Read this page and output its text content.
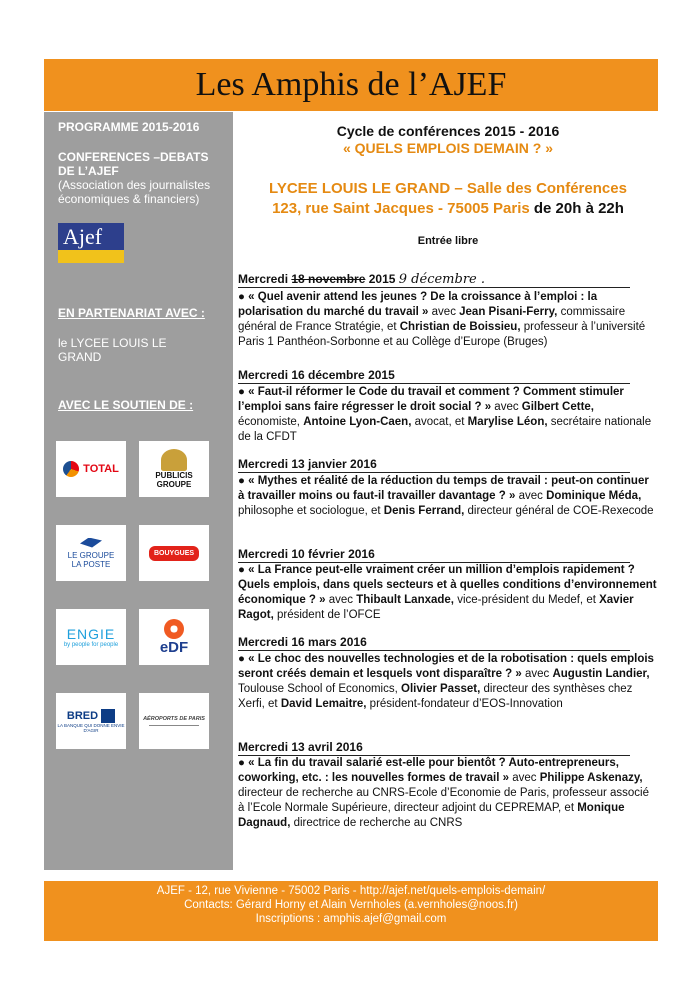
Les Amphis de l’AJEF
PROGRAMME 2015-2016
CONFERENCES –DEBATS
DE L’AJEF
(Association des journalistes
économiques & financiers)
Ajef
EN PARTENARIAT AVEC :
le LYCEE LOUIS LE
GRAND
AVEC LE SOUTIEN DE :
TOTAL
PUBLICIS
GROUPE
LE GROUPE
LA POSTE
BOUYGUES
ENGIE
by people for people	eDF
BRED
LA BANQUE QUI DONNE ENVIE D'AGIR
AÉROPORTS DE PARIS
Cycle de conférences 2015 - 2016
« QUELS EMPLOIS DEMAIN ? »
LYCEE LOUIS LE GRAND – Salle des Conférences
123, rue Saint Jacques - 75005 Paris de 20h à 22h
Entrée libre
Mercredi 18 novembre 2015 9 décembre .
● « Quel avenir attend les jeunes ? De la croissance à l’emploi : la polarisation du marché du travail » avec Jean Pisani-Ferry, commissaire général de France Stratégie, et Christian de Boissieu, professeur à l’université Paris 1 Panthéon-Sorbonne et au Collège d’Europe (Bruges)
Mercredi 16 décembre 2015
● « Faut-il réformer le Code du travail et comment ? Comment stimuler l’emploi sans faire régresser le droit social ? » avec Gilbert Cette, économiste, Antoine Lyon-Caen, avocat, et Marylise Léon, secrétaire nationale de la CFDT
Mercredi 13 janvier 2016
● « Mythes et réalité de la réduction du temps de travail : peut-on continuer à travailler moins ou faut-il travailler davantage ? » avec Dominique Méda, philosophe et sociologue, et Denis Ferrand, directeur général de COE-Rexecode
Mercredi 10 février 2016
● « La France peut-elle vraiment créer un million d’emplois rapidement ? Quels emplois, dans quels secteurs et à quelles conditions d’environnement économique ? » avec Thibault Lanxade, vice-président du Medef, et Xavier Ragot, président de l’OFCE
Mercredi 16 mars 2016
● « Le choc des nouvelles technologies et de la robotisation : quels emplois seront créés demain et lesquels vont disparaître ? » avec Augustin Landier, Toulouse School of Economics, Olivier Passet, directeur des synthèses chez Xerfi, et David Lemaitre, président-fondateur d’EOS-Innovation
Mercredi 13 avril 2016
● « La fin du travail salarié est-elle pour bientôt ? Auto-entrepreneurs, coworking, etc. : les nouvelles formes de travail » avec Philippe Askenazy, directeur de recherche au CNRS-Ecole d’Economie de Paris, professeur associé à l’Ecole Normale Supérieure, directeur adjoint du CEPREMAP, et Monique Dagnaud, directrice de recherche au CNRS
AJEF - 12, rue Vivienne - 75002 Paris - http://ajef.net/quels-emplois-demain/
Contacts: Gérard Horny et Alain Vernholes (a.vernholes@noos.fr)
Inscriptions : amphis.ajef@gmail.com
